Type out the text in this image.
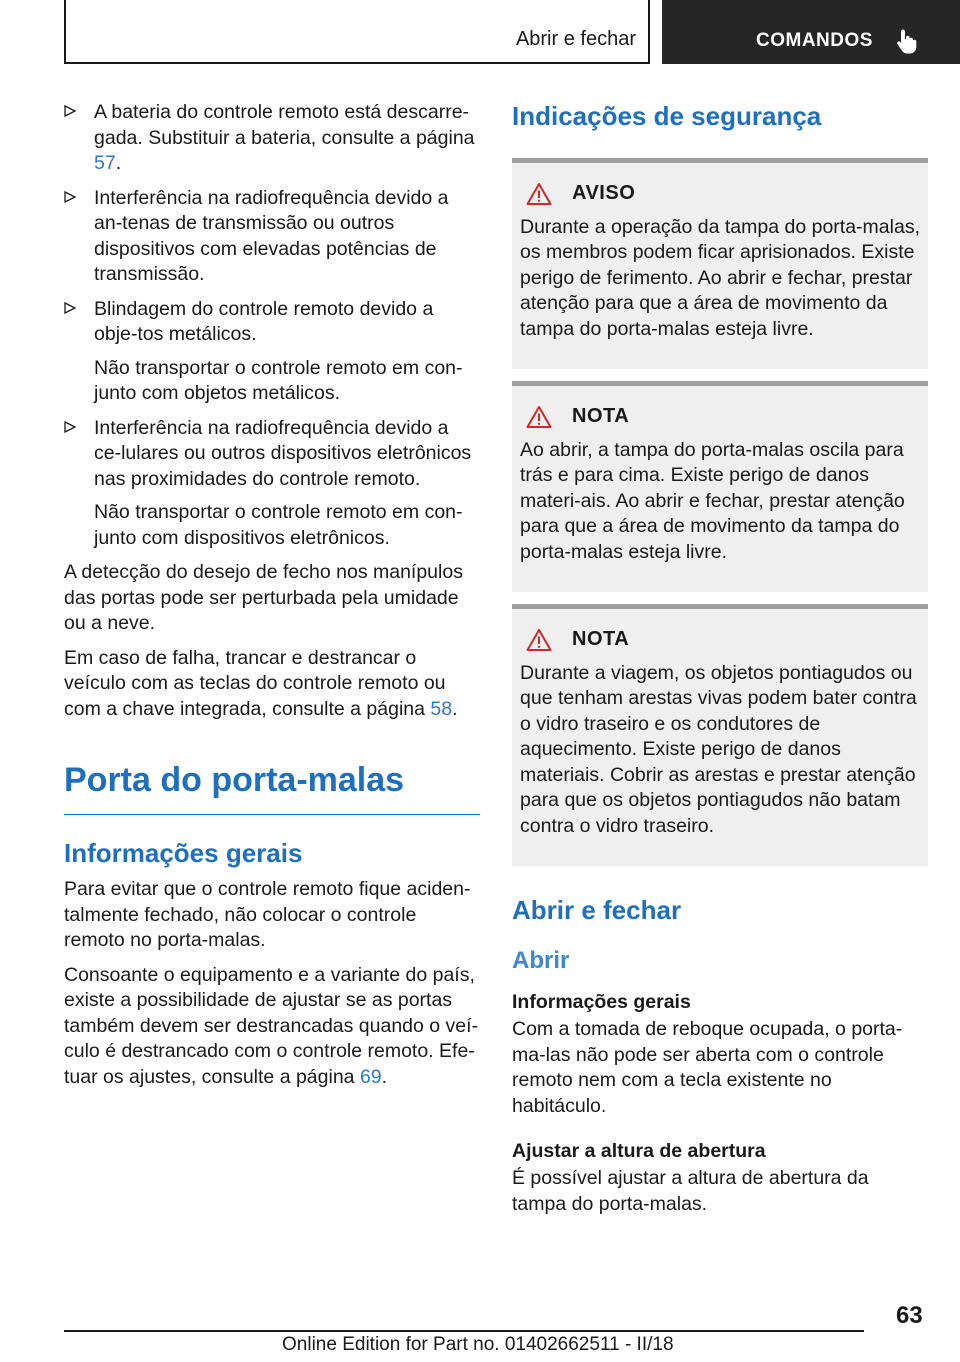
Abrir e fechar	COMANDOS

A bateria do controle remoto está descarre-gada. Substituir a bateria, consulte a página 57.

Interferência na radiofrequência devido a an-tenas de transmissão ou outros dispositivos com elevadas potências de transmissão.

Blindagem do controle remoto devido a obje-tos metálicos.

Não transportar o controle remoto em con-junto com objetos metálicos.

Interferência na radiofrequência devido a ce-lulares ou outros dispositivos eletrônicos nas proximidades do controle remoto.

Não transportar o controle remoto em con-junto com dispositivos eletrônicos.

A detecção do desejo de fecho nos manípulos das portas pode ser perturbada pela umidade ou a neve.

Em caso de falha, trancar e destrancar o veículo com as teclas do controle remoto ou com a chave integrada, consulte a página 58.

Porta do porta-malas
Informações gerais

Para evitar que o controle remoto fique aciden-talmente fechado, não colocar o controle remoto no porta-malas.

Consoante o equipamento e a variante do país, existe a possibilidade de ajustar se as portas também devem ser destrancadas quando o veí-culo é destrancado com o controle remoto. Efe-tuar os ajustes, consulte a página 69.

Indicações de segurança
AVISO

Durante a operação da tampa do porta-malas, os membros podem ficar aprisionados. Existe perigo de ferimento. Ao abrir e fechar, prestar atenção para que a área de movimento da tampa do porta-malas esteja livre.

NOTA

Ao abrir, a tampa do porta-malas oscila para trás e para cima. Existe perigo de danos materi-ais. Ao abrir e fechar, prestar atenção para que a área de movimento da tampa do porta-malas esteja livre.

NOTA

Durante a viagem, os objetos pontiagudos ou que tenham arestas vivas podem bater contra o vidro traseiro e os condutores de aquecimento. Existe perigo de danos materiais. Cobrir as arestas e prestar atenção para que os objetos pontiagudos não batam contra o vidro traseiro.

Abrir e fechar
Abrir
Informações gerais

Com a tomada de reboque ocupada, o porta-ma-las não pode ser aberta com o controle remoto nem com a tecla existente no habitáculo.

Ajustar a altura de abertura

É possível ajustar a altura de abertura da tampa do porta-malas.

63
Online Edition for Part no. 01402662511 - II/18
